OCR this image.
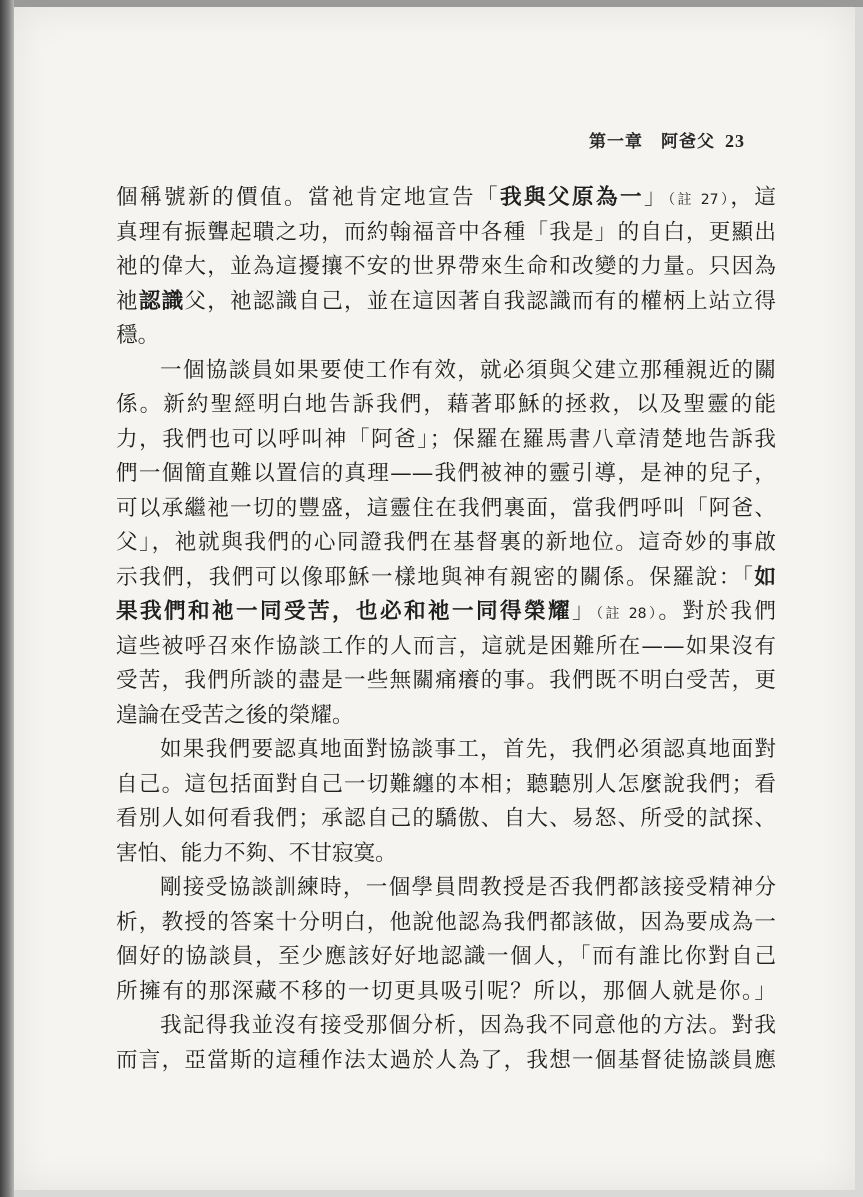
第一章　阿爸父 23
個稱號新的價值。當祂肯定地宣告「我與父原為一」（註 27），這
真理有振聾起聵之功，而約翰福音中各種「我是」的自白，更顯出
祂的偉大，並為這擾攘不安的世界帶來生命和改變的力量。只因為
祂認識父，祂認識自己，並在這因著自我認識而有的權柄上站立得
穩。
一個協談員如果要使工作有效，就必須與父建立那種親近的關
係。新約聖經明白地告訴我們，藉著耶穌的拯救，以及聖靈的能
力，我們也可以呼叫神「阿爸」；保羅在羅馬書八章清楚地告訴我
們一個簡直難以置信的真理——我們被神的靈引導，是神的兒子，
可以承繼祂一切的豐盛，這靈住在我們裏面，當我們呼叫「阿爸、
父」，祂就與我們的心同證我們在基督裏的新地位。這奇妙的事啟
示我們，我們可以像耶穌一樣地與神有親密的關係。保羅說：「如
果我們和祂一同受苦，也必和祂一同得榮耀」（註 28）。對於我們
這些被呼召來作協談工作的人而言，這就是困難所在——如果沒有
受苦，我們所談的盡是一些無關痛癢的事。我們既不明白受苦，更
遑論在受苦之後的榮耀。
如果我們要認真地面對協談事工，首先，我們必須認真地面對
自己。這包括面對自己一切難纏的本相；聽聽別人怎麼說我們；看
看別人如何看我們；承認自己的驕傲、自大、易怒、所受的試探、
害怕、能力不夠、不甘寂寞。
剛接受協談訓練時，一個學員問教授是否我們都該接受精神分
析，教授的答案十分明白，他說他認為我們都該做，因為要成為一
個好的協談員，至少應該好好地認識一個人，「而有誰比你對自己
所擁有的那深藏不移的一切更具吸引呢？所以，那個人就是你。」
我記得我並沒有接受那個分析，因為我不同意他的方法。對我
而言，亞當斯的這種作法太過於人為了，我想一個基督徒協談員應
